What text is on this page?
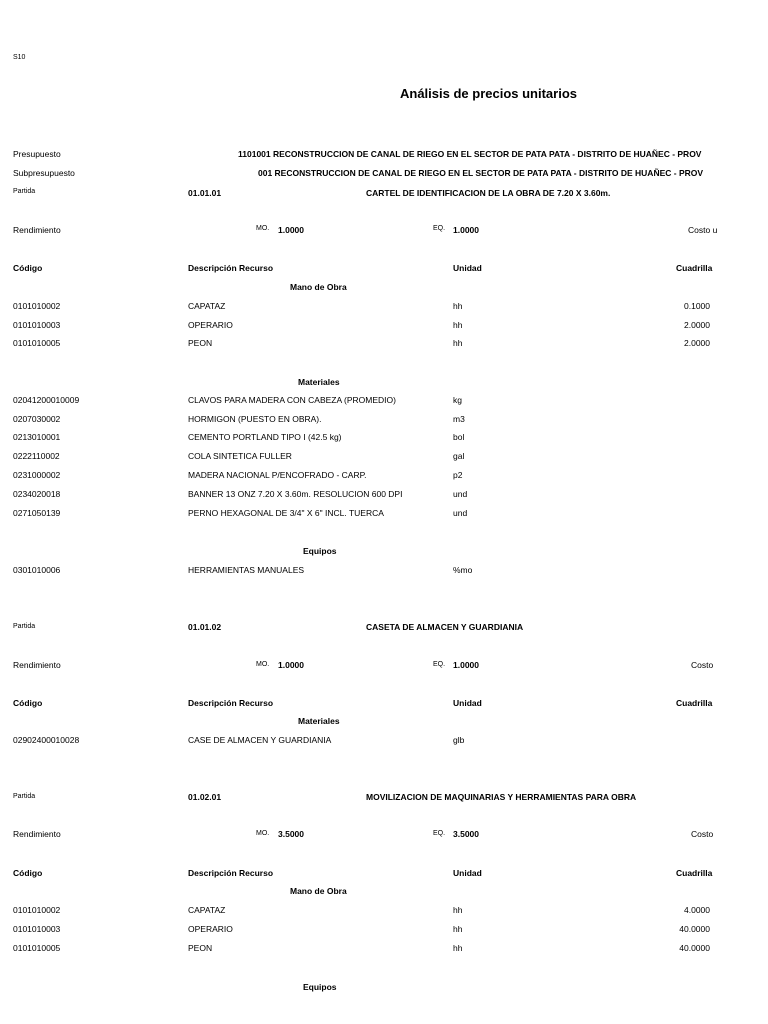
S10
Análisis de precios unitarios
Presupuesto	1101001 RECONSTRUCCION DE CANAL DE RIEGO EN EL SECTOR DE PATA PATA - DISTRITO DE HUAÑEC - PROV
Subpresupuesto	001 RECONSTRUCCION DE CANAL DE RIEGO EN EL SECTOR DE PATA PATA - DISTRITO DE HUAÑEC - PROV
Partida	01.01.01	CARTEL DE IDENTIFICACION DE LA OBRA DE 7.20 X 3.60m.
Rendimiento	MO. 1.0000	EQ. 1.0000	Costo u
Código	Descripción Recurso	Unidad	Cuadrilla
Mano de Obra
0101010002	CAPATAZ	hh	0.1000
0101010003	OPERARIO	hh	2.0000
0101010005	PEON	hh	2.0000
Materiales
02041200010009	CLAVOS PARA MADERA CON CABEZA (PROMEDIO)	kg
0207030002	HORMIGON (PUESTO EN OBRA).	m3
0213010001	CEMENTO PORTLAND TIPO I (42.5 kg)	bol
0222110002	COLA SINTETICA FULLER	gal
0231000002	MADERA NACIONAL P/ENCOFRADO - CARP.	p2
0234020018	BANNER 13 ONZ 7.20 X 3.60m. RESOLUCION 600 DPI	und
0271050139	PERNO HEXAGONAL DE 3/4" X 6" INCL. TUERCA	und
Equipos
0301010006	HERRAMIENTAS MANUALES	%mo
Partida	01.01.02	CASETA DE ALMACEN Y GUARDIANIA
Rendimiento	MO. 1.0000	EQ. 1.0000	Costo
Código	Descripción Recurso	Unidad	Cuadrilla
Materiales
02902400010028	CASE DE ALMACEN Y GUARDIANIA	glb
Partida	01.02.01	MOVILIZACION DE MAQUINARIAS Y HERRAMIENTAS PARA OBRA
Rendimiento	MO. 3.5000	EQ. 3.5000	Costo
Código	Descripción Recurso	Unidad	Cuadrilla
Mano de Obra
0101010002	CAPATAZ	hh	4.0000
0101010003	OPERARIO	hh	40.0000
0101010005	PEON	hh	40.0000
Equipos
